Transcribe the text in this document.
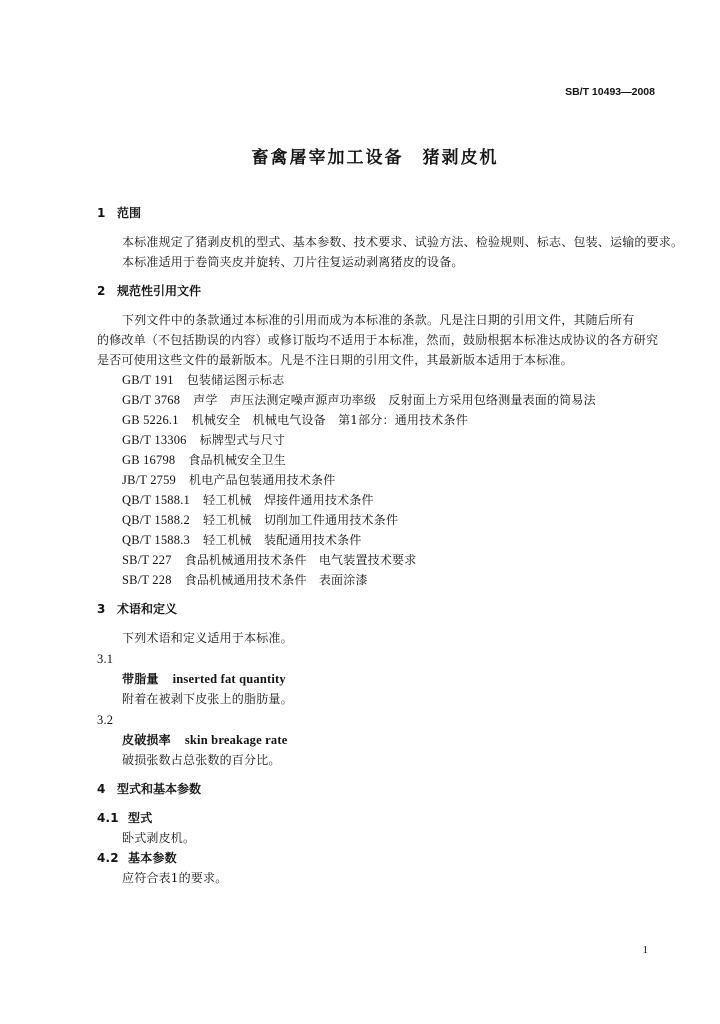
SB/T 10493—2008
畜禽屠宰加工设备　猪剥皮机
1 范围
本标准规定了猪剥皮机的型式、基本参数、技术要求、试验方法、检验规则、标志、包装、运输的要求。
本标准适用于卷筒夹皮并旋转、刀片往复运动剥离猪皮的设备。
2 规范性引用文件
下列文件中的条款通过本标准的引用而成为本标准的条款。凡是注日期的引用文件，其随后所有
的修改单（不包括勘误的内容）或修订版均不适用于本标准，然而，鼓励根据本标准达成协议的各方研究
是否可使用这些文件的最新版本。凡是不注日期的引用文件，其最新版本适用于本标准。
GB/T 191 包装储运图示标志
GB/T 3768 声学　声压法测定噪声源声功率级　反射面上方采用包络测量表面的简易法
GB 5226.1 机械安全　机械电气设备　第1部分：通用技术条件
GB/T 13306 标牌型式与尺寸
GB 16798 食品机械安全卫生
JB/T 2759 机电产品包装通用技术条件
QB/T 1588.1 轻工机械　焊接件通用技术条件
QB/T 1588.2 轻工机械　切削加工件通用技术条件
QB/T 1588.3 轻工机械　装配通用技术条件
SB/T 227 食品机械通用技术条件　电气装置技术要求
SB/T 228 食品机械通用技术条件　表面涂漆
3 术语和定义
下列术语和定义适用于本标准。
3.1
带脂量 inserted fat quantity
附着在被剥下皮张上的脂肪量。
3.2
皮破损率 skin breakage rate
破损张数占总张数的百分比。
4 型式和基本参数
4.1 型式
卧式剥皮机。
4.2 基本参数
应符合表1的要求。
1
